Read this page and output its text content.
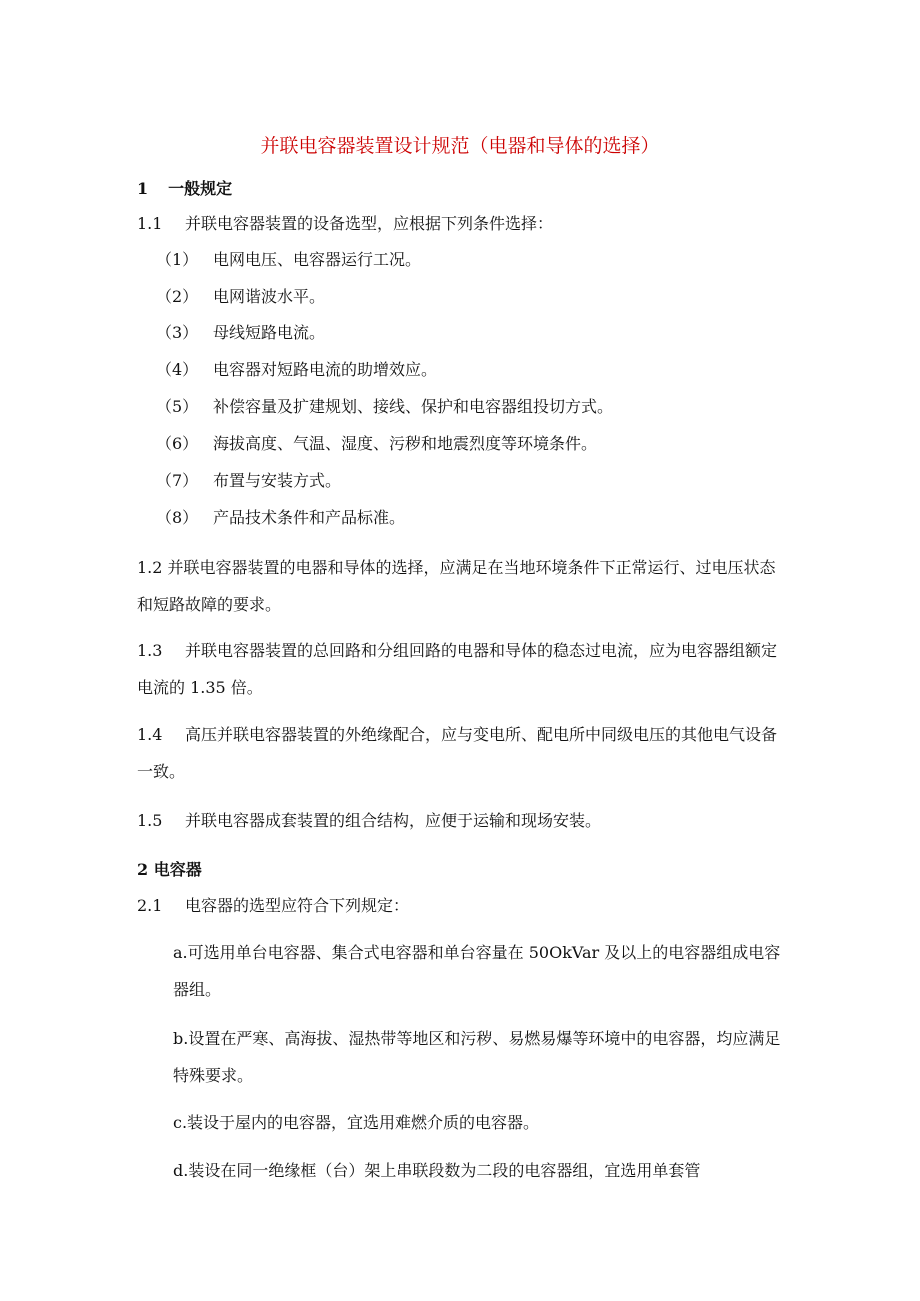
并联电容器装置设计规范（电器和导体的选择）
1 一般规定
1.1 并联电容器装置的设备选型，应根据下列条件选择：
（1） 电网电压、电容器运行工况。
（2） 电网谐波水平。
（3） 母线短路电流。
（4） 电容器对短路电流的助增效应。
（5） 补偿容量及扩建规划、接线、保护和电容器组投切方式。
（6） 海拔高度、气温、湿度、污秽和地震烈度等环境条件。
（7） 布置与安装方式。
（8） 产品技术条件和产品标准。
1.2 并联电容器装置的电器和导体的选择，应满足在当地环境条件下正常运行、过电压状态和短路故障的要求。
1.3 并联电容器装置的总回路和分组回路的电器和导体的稳态过电流，应为电容器组额定电流的 1.35 倍。
1.4 高压并联电容器装置的外绝缘配合，应与变电所、配电所中同级电压的其他电气设备一致。
1.5 并联电容器成套装置的组合结构，应便于运输和现场安装。
2 电容器
2.1 电容器的选型应符合下列规定：
a.可选用单台电容器、集合式电容器和单台容量在 50OkVar 及以上的电容器组成电容器组。
b.设置在严寒、高海拔、湿热带等地区和污秽、易燃易爆等环境中的电容器，均应满足特殊要求。
c.装设于屋内的电容器，宜选用难燃介质的电容器。
d.装设在同一绝缘框（台）架上串联段数为二段的电容器组，宜选用单套管
